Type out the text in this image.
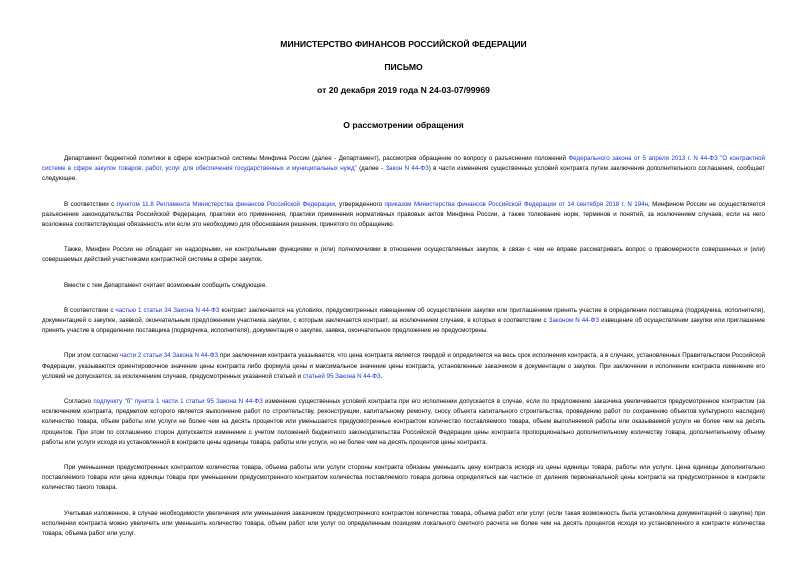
МИНИСТЕРСТВО ФИНАНСОВ РОССИЙСКОЙ ФЕДЕРАЦИИ
ПИСЬМО
от 20 декабря 2019 года N 24-03-07/99969
О рассмотрении обращения

Департамент бюджетной политики в сфере контрактной системы Минфина России (далее - Департамент), рассмотрев обращение по вопросу о разъяснении положений Федерального закона от 5 апреля 2013 г. N 44-ФЗ "О контрактной системе в сфере закупок товаров, работ, услуг для обеспечения государственных и муниципальных нужд" (далее - Закон N 44-ФЗ) в части изменения существенных условий контракта путем заключения дополнительного соглашения, сообщает следующее.

В соответствии с пунктом 11.8 Регламента Министерства финансов Российской Федерации, утвержденного приказом Министерства финансов Российской Федерации от 14 сентября 2018 г. N 194н, Минфином России не осуществляется разъяснение законодательства Российской Федерации, практики его применения, практики применения нормативных правовых актов Минфина России, а также толкование норм, терминов и понятий, за исключением случаев, если на него возложена соответствующая обязанность или если это необходимо для обоснования решения, принятого по обращению.

Также, Минфин России не обладает ни надзорными, ни контрольными функциями и (или) полномочиями в отношении осуществляемых закупок, в связи с чем не вправе рассматривать вопрос о правомерности совершенных и (или) совершаемых действий участниками контрактной системы в сфере закупок.

Вместе с тем Департамент считает возможным сообщить следующее.

В соответствии с частью 1 статьи 34 Закона N 44-ФЗ контракт заключается на условиях, предусмотренных извещением об осуществлении закупки или приглашением принять участие в определении поставщика (подрядчика, исполнителя), документацией о закупке, заявкой, окончательным предложением участника закупки, с которым заключается контракт, за исключением случаев, в которых в соответствии с Законом N 44-ФЗ извещение об осуществлении закупки или приглашение принять участие в определении поставщика (подрядчика, исполнителя), документация о закупке, заявка, окончательное предложение не предусмотрены.

При этом согласно части 2 статьи 34 Закона N 44-ФЗ при заключении контракта указывается, что цена контракта является твердой и определяется на весь срок исполнения контракта, а в случаях, установленных Правительством Российской Федерации, указываются ориентировочное значение цены контракта либо формула цены и максимальное значение цены контракта, установленные заказчиком в документации о закупке. При заключении и исполнении контракта изменение его условий не допускается, за исключением случаев, предусмотренных указанной статьей и статьей 95 Закона N 44-ФЗ.

Согласно подпункту "б" пункта 1 части 1 статьи 95 Закона N 44-ФЗ изменение существенных условий контракта при его исполнении допускается в случае, если по предложению заказчика увеличивается предусмотренное контрактом (за исключением контракта, предметом которого является выполнение работ по строительству, реконструкции, капитальному ремонту, сносу объекта капитального строительства, проведению работ по сохранению объектов культурного наследия) количество товара, объем работы или услуги не более чем на десять процентов или уменьшается предусмотренные контрактом количество поставляемого товара, объем выполняемой работы или оказываемой услуги не более чем на десять процентов. При этом по соглашению сторон допускается изменение с учетом положений бюджетного законодательства Российской Федерации цены контракта пропорционально дополнительному количеству товара, дополнительному объему работы или услуги исходя из установленной в контракте цены единицы товара, работы или услуги, но не более чем на десять процентов цены контракта.

При уменьшении предусмотренных контрактом количества товара, объема работы или услуги стороны контракта обязаны уменьшить цену контракта исходя из цены единицы товара, работы или услуги. Цена единицы дополнительно поставляемого товара или цена единицы товара при уменьшении предусмотренного контрактом количества поставляемого товара должна определяться как частное от деления первоначальной цены контракта на предусмотренное в контракте количество такого товара.

Учитывая изложенное, в случае необходимости увеличения или уменьшения заказчиком предусмотренного контрактом количества товара, объема работ или услуг (если такая возможность была установлена документацией о закупке) при исполнении контракта можно увеличить или уменьшить количество товара, объем работ или услуг по определенным позициям локального сметного расчета не более чем на десять процентов исходя из установленного в контракте количества товара, объема работ или услуг.
